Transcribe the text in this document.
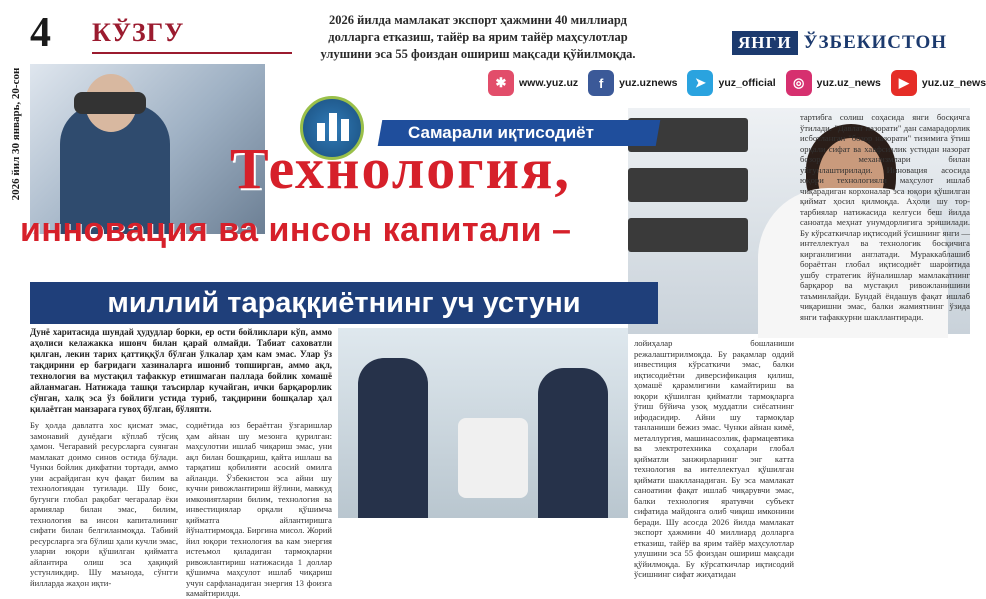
2026 йил 30 январь, 20-сон
4 КЎЗГУ	2026 йилда мамлакат экспорт ҳажмини 40 миллиард долларга етказиш, тайёр ва ярим тайёр маҳсулотлар улушини эса 55 фоиздан ошириш мақсади қўйилмоқда.
ЯНГИ ЎЗБЕКИСТОН
✱	www.yuz.uz	f	yuz.uznews	➤	yuz_official	◎	yuz.uz_news	▶	yuz.uz_news
Самарали иқтисодиёт
Технология,
инновация ва инсон капитали –
миллий тараққиётнинг уч устуни
Дунё харитасида шундай ҳудудлар борки, ер ости бойликлари кўп, аммо аҳолиси келажакка ишонч билан қарай олмайди. Табиат саховатли қилган, лекин тарих қаттиққўл бўлган ўлкалар ҳам кам эмас. Улар ўз тақдирини ер бағридаги хазиналарга ишониб топширган, аммо ақл, технология ва мустақил тафаккур етишмаган паллада бойлик хомашё айланмаган. Натижада ташқи таъсирлар кучайган, ички барқарорлик сўнган, халқ эса ўз бойлиги устида туриб, тақдирини бошқалар ҳал қилаётган манзарага гувоҳ бўлган, бўляпти.
Бу ҳолда давлатга хос қисмат эмас, замонавий дунёдаги кўплаб тўсиқ ҳамон. Чегаравий ресурсларга суянган мамлакат доимо синов остида бўлади. Чунки бойлик дикфатни тортади, аммо уни асрайдиган куч фақат билим ва технологиядан туғилади. Шу боис, бугунги глобал рақобат чегаралар ёки армиялар билан эмас, билим, технология ва инсон капиталининг сифати билан белгиланмоқда. Табиий ресурсларга эга бўлиш ҳали кучли эмас, уларни юқори қўшилган қийматга айлантира олиш эса ҳақиқий устунликдир. Шу маънода, сўнгги йилларда жаҳон иқти-
содиётида юз бераётган ўзгаришлар ҳам айнан шу мезонга қурилган: маҳсулотни ишлаб чиқариш эмас, уни ақл билан бошқариш, қайта ишлаш ва тарқатиш қобилияти асосий омилга айланди. Ўзбекистон эса айни шу кучни ривожлантириш йўлини, мавжуд имкониятларни билим, технология ва инвестициялар орқали қўшимча қийматга айлантиришга йўналтирмоқда. Биргина мисол. Жорий йил юқори технология ва кам энергия истеъмол қиладиган тармоқларни ривожлантириш натижасида 1 доллар қўшимча маҳсулот ишлаб чиқариш учун сарфланадиган энергия 13 фоизга камайтирилди.
лойиҳалар бошланиши режалаштирилмоқда. Бу рақамлар оддий инвестиция кўрсаткичи эмас, балки иқтисодиётни диверсификация қилиш, ҳомашё қарамлигини камайтириш ва юқори қўшилган қийматли тармоқларга ўтиш бўйича узоқ муддатли сиёсатнинг ифодасидир. Айни шу тармоқлар танланиши бежиз эмас. Чунки айнан кимё, металлургия, машинасозлик, фармацевтика ва электротехника соҳалари глобал қийматли занжирларнинг энг катта технология ва интеллектуал қўшилган қиймати шаклланадиган. Бу эса мамлакат саноатини фақат ишлаб чиқарувчи эмас, балки технология яратувчи субъект сифатида майдонга олиб чиқиш имконини беради. Шу асосда 2026 йилда мамлакат экспорт ҳажмини 40 миллиард долларга етказиш, тайёр ва ярим тайёр маҳсулотлар улушини эса 55 фоиздан ошириш мақсади қўйилмоқда. Бу кўрсаткичлар иқтисодий ўсишнинг сифат жиҳатидан
тартибга солиш соҳасида янги босқичга ўтилади. "Давлат назорати" дан самарадорлик исботланган "бозор назорати" тизимига ўтиш орқали сифат ва хавфсизлик устидан назорат бозор механизмлари билан уйғунлаштирилади. Инновация асосида юқори технологияли маҳсулот ишлаб чиқарадиган корхоналар эса юқори қўшилган қиймат ҳосил қилмоқда. Аҳоли шу тор-тарбиялар натижасида келгуси беш йилда саноатда меҳнат унумдорлигига эришилади. Бу кўрсаткичлар иқтисодий ўсишнинг янги — интеллектуал ва технологик босқичига кирганлигини англатади. Мураккаблашиб бораётган глобал иқтисодиёт шароитида ушбу стратегик йўналишлар мамлакатнинг барқарор ва мустақил ривожланишини таъминлайди. Бундай ёндашув фақат ишлаб чиқаришни эмас, балки жамиятнинг ўзида янги тафаккурни шакллантиради.
